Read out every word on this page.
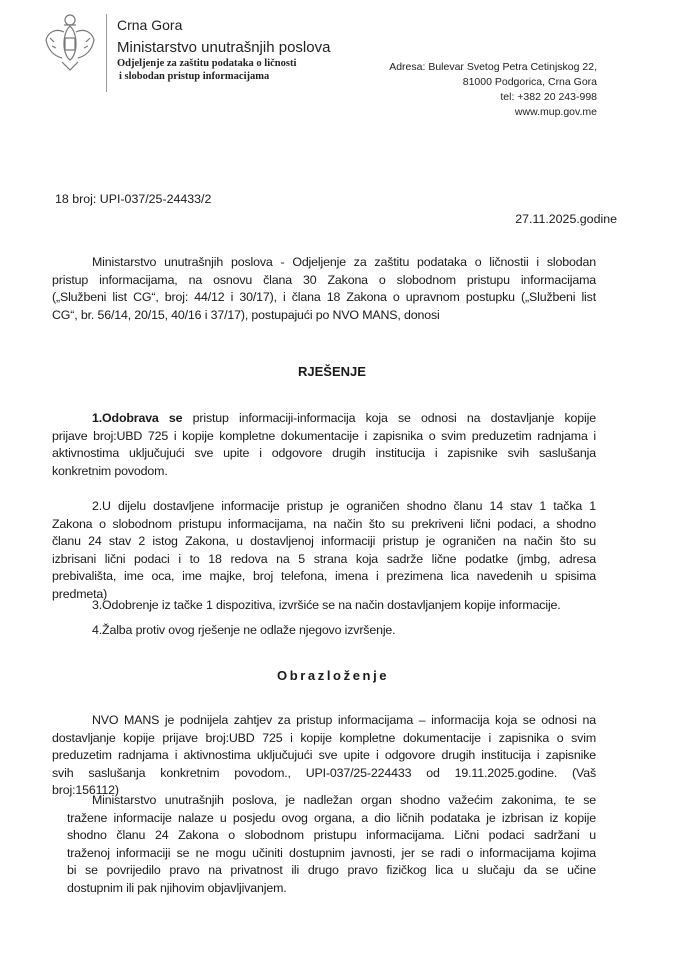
Crna Gora
Ministarstvo unutrašnjih poslova
Odjeljenje za zaštitu podataka o ličnosti
i slobodan pristup informacijama
Adresa: Bulevar Svetog Petra Cetinjskog 22,
81000 Podgorica, Crna Gora
tel: +382 20 243-998
www.mup.gov.me
18 broj: UPI-037/25-24433/2
27.11.2025.godine
Ministarstvo unutrašnjih poslova - Odjeljenje za zaštitu podataka o ličnostii i slobodan
pristup informacijama, na osnovu člana 30 Zakona o slobodnom pristupu informacijama
(„Službeni list CG“, broj: 44/12 i 30/17), i člana 18 Zakona o upravnom postupku („Službeni list
CG“, br. 56/14, 20/15, 40/16 i 37/17), postupajući po NVO MANS, donosi
RJEŠENJE
1.Odobrava se pristup informaciji-informacija koja se odnosi na dostavljanje kopije
prijave broj:UBD 725 i kopije kompletne dokumentacije i zapisnika o svim preduzetim radnjama i
aktivnostima uključujući sve upite i odgovore drugih institucija i zapisnike svih saslušanja
konkretnim povodom.
2.U dijelu dostavljene informacije pristup je ograničen shodno članu 14 stav 1 tačka 1
Zakona o slobodnom pristupu informacijama, na način što su prekriveni lični podaci, a shodno
članu 24 stav 2 istog Zakona, u dostavljenoj informaciji pristup je ograničen na način što su
izbrisani lični podaci i to 18 redova na 5 strana koja sadrže lične podatke (jmbg, adresa
prebivališta, ime oca, ime majke, broj telefona, imena i prezimena lica navedenih u spisima
predmeta)
3.Odobrenje iz tačke 1 dispozitiva, izvršiće se na način dostavljanjem kopije informacije.
4.Žalba protiv ovog rješenje ne odlaže njegovo izvršenje.
Obrazloženje
NVO MANS je podnijela zahtjev za pristup informacijama – informacija koja se odnosi na
dostavljanje kopije prijave broj:UBD 725 i kopije kompletne dokumentacije i zapisnika o svim
preduzetim radnjama i aktivnostima uključujući sve upite i odgovore drugih institucija i zapisnike
svih saslušanja konkretnim povodom., UPI-037/25-224433 od 19.11.2025.godine. (Vaš
broj:156112)
Ministarstvo unutrašnjih poslova, je nadležan organ shodno važećim zakonima, te se
tražene informacije nalaze u posjedu ovog organa, a dio ličnih podataka je izbrisan iz kopije
shodno članu 24 Zakona o slobodnom pristupu informacijama. Lični podaci sadržani u
traženoj informaciji se ne mogu učiniti dostupnim javnosti, jer se radi o informacijama kojima
bi se povrijedilo pravo na privatnost ili drugo pravo fizičkog lica u slučaju da se učine
dostupnim ili pak njihovim objavljivanjem.
